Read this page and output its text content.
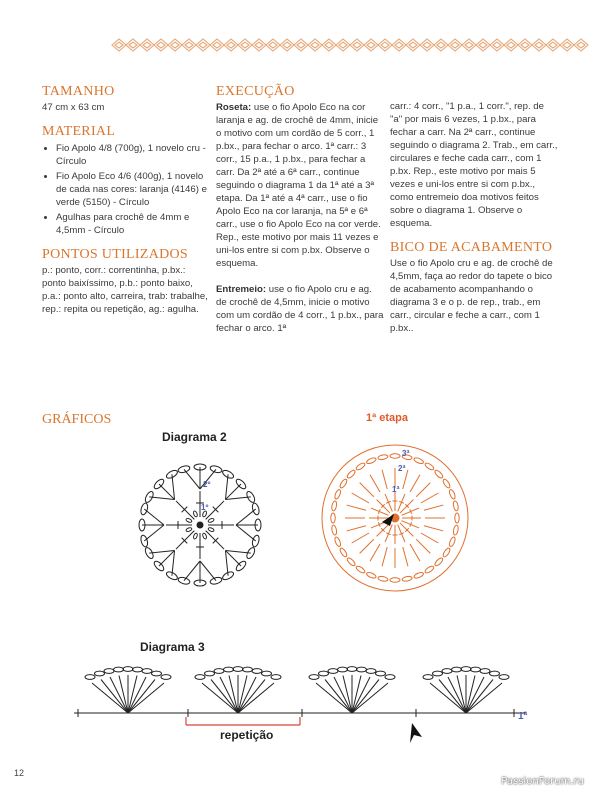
TAMANHO

47 cm x 63 cm

MATERIAL
• Fio Apolo 4/8 (700g), 1 novelo cru - Círculo
• Fio Apolo Eco 4/6 (400g), 1 novelo de cada nas cores: laranja (4146) e verde (5150) - Círculo
• Agulhas para crochê de 4mm e 4,5mm - Círculo
PONTOS UTILIZADOS

p.: ponto, corr.: correntinha, p.bx.: ponto baixíssimo, p.b.: ponto baixo, p.a.: ponto alto, carreira, trab: trabalhe, rep.: repita ou repetição, ag.: agulha.

EXECUÇÃO

Roseta: use o fio Apolo Eco na cor laranja e ag. de crochê de 4mm, inicie o motivo com um cordão de 5 corr., 1 p.bx., para fechar o arco. 1ª carr.: 3 corr., 15 p.a., 1 p.bx., para fechar a carr. Da 2ª até a 6ª carr., continue seguindo o diagrama 1 da 1ª até a 3ª etapa. Da 1ª até a 4ª carr., use o fio Apolo Eco na cor laranja, na 5ª e 6ª carr., use o fio Apolo Eco na cor verde. Rep., este motivo por mais 11 vezes e uni-los entre si com p.bx. Observe o esquema.

Entremeio: use o fio Apolo cru e ag. de crochê de 4,5mm, inicie o motivo com um cordão de 4 corr., 1 p.bx., para fechar o arco. 1ª

carr.: 4 corr., "1 p.a., 1 corr.", rep. de "a" por mais 6 vezes, 1 p.bx., para fechar a carr. Na 2ª carr., continue seguindo o diagrama 2. Trab., em carr., circulares e feche cada carr., com 1 p.bx. Rep., este motivo por mais 5 vezes e uni-los entre si com p.bx., como entremeio doa motivos feitos sobre o diagrama 1. Observe o esquema.

BICO DE ACABAMENTO

Use o fio Apolo cru e ag. de crochê de 4,5mm, faça ao redor do tapete o bico de acabamento acompanhando o diagrama 3 e o p. de rep., trab., em carr., circular e feche a carr., com 1 p.bx..

GRÁFICOS
Diagrama 2
1ª etapa
Diagrama 3
repetição
2º
1º
3ª
2ª
1ª
1ª
12
PassionForum.ru
